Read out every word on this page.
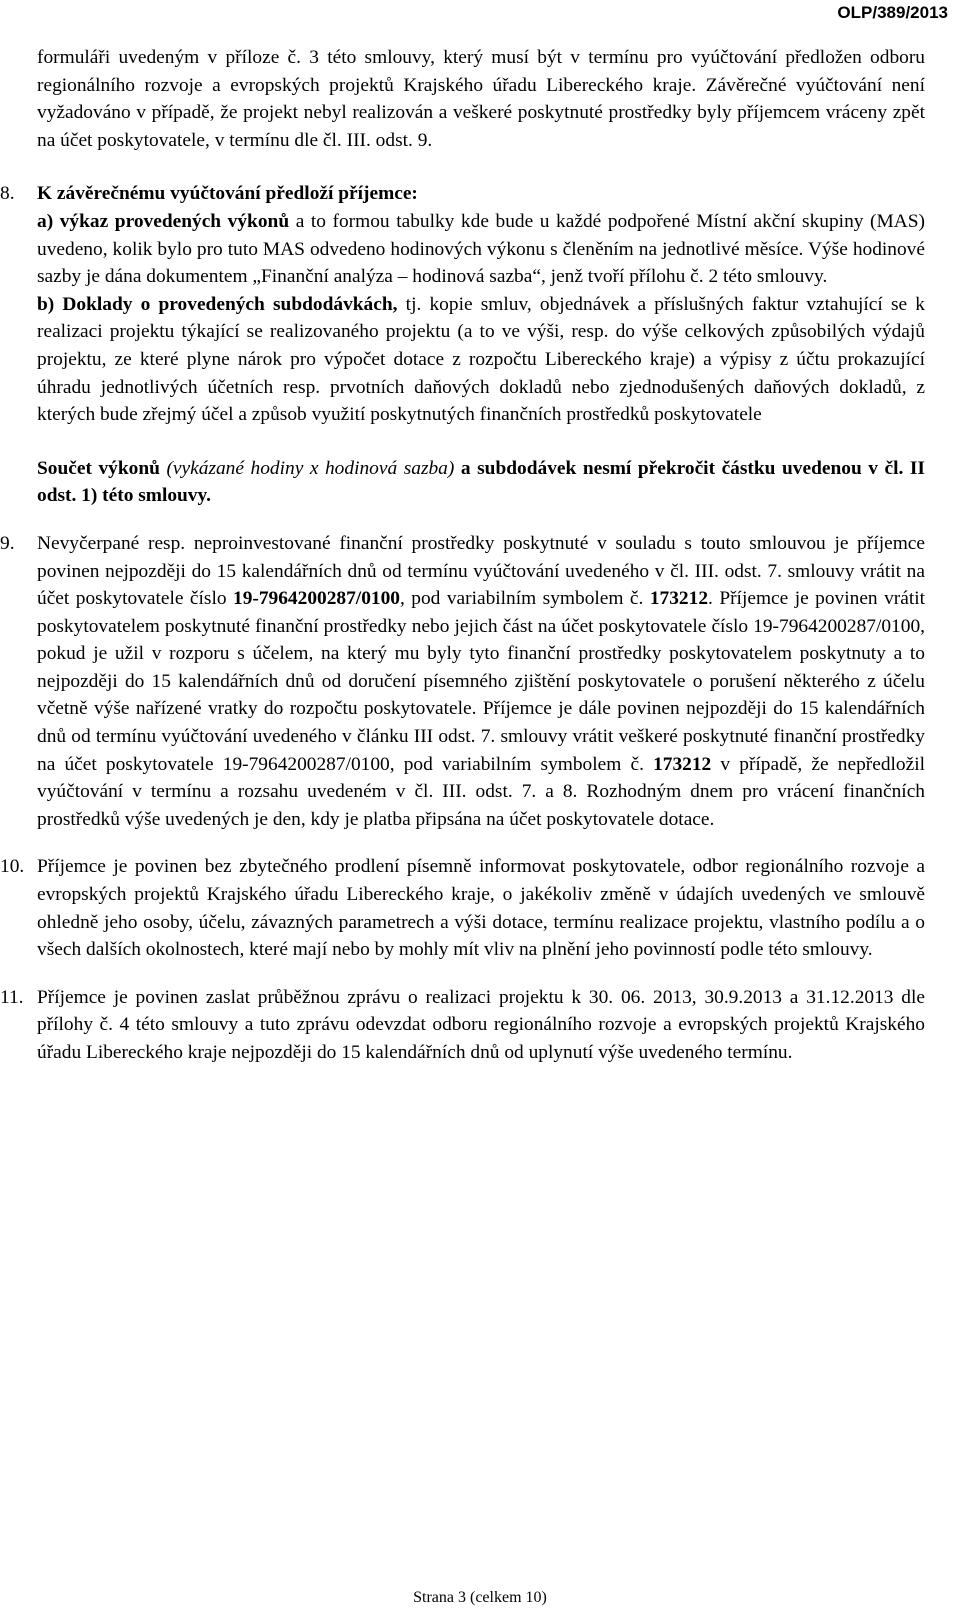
OLP/389/2013

formuláři uvedeným v příloze č. 3 této smlouvy, který musí být v termínu pro vyúčtování předložen odboru regionálního rozvoje a evropských projektů Krajského úřadu Libereckého kraje. Závěrečné vyúčtování není vyžadováno v případě, že projekt nebyl realizován a veškeré poskytnuté prostředky byly příjemcem vráceny zpět na účet poskytovatele, v termínu dle čl. III. odst. 9.

8.	K závěrečnému vyúčtování předloží příjemce:

a) výkaz provedených výkonů a to formou tabulky kde bude u každé podpořené Místní akční skupiny (MAS) uvedeno, kolik bylo pro tuto MAS odvedeno hodinových výkonu s členěním na jednotlivé měsíce. Výše hodinové sazby je dána dokumentem „Finanční analýza – hodinová sazba“, jenž tvoří přílohu č. 2 této smlouvy.

b) Doklady o provedených subdodávkách, tj. kopie smluv, objednávek a příslušných faktur vztahující se k realizaci projektu týkající se realizovaného projektu (a to ve výši, resp. do výše celkových způsobilých výdajů projektu, ze které plyne nárok pro výpočet dotace z rozpočtu Libereckého kraje) a výpisy z účtu prokazující úhradu jednotlivých účetních resp. prvotních daňových dokladů nebo zjednodušených daňových dokladů, z kterých bude zřejmý účel a způsob využití poskytnutých finančních prostředků poskytovatele

Součet výkonů (vykázané hodiny x hodinová sazba) a subdodávek nesmí překročit částku uvedenou v čl. II odst. 1) této smlouvy.

9.	Nevyčerpané resp. neproinvestované finanční prostředky poskytnuté v souladu s touto smlouvou je příjemce povinen nejpozději do 15 kalendářních dnů od termínu vyúčtování uvedeného v čl. III. odst. 7. smlouvy vrátit na účet poskytovatele číslo 19-7964200287/0100, pod variabilním symbolem č. 173212. Příjemce je povinen vrátit poskytovatelem poskytnuté finanční prostředky nebo jejich část na účet poskytovatele číslo 19-7964200287/0100, pokud je užil v rozporu s účelem, na který mu byly tyto finanční prostředky poskytovatelem poskytnuty a to nejpozději do 15 kalendářních dnů od doručení písemného zjištění poskytovatele o porušení některého z účelu včetně výše nařízené vratky do rozpočtu poskytovatele. Příjemce je dále povinen nejpozději do 15 kalendářních dnů od termínu vyúčtování uvedeného v článku III odst. 7. smlouvy vrátit veškeré poskytnuté finanční prostředky na účet poskytovatele 19-7964200287/0100, pod variabilním symbolem č. 173212 v případě, že nepředložil vyúčtování v termínu a rozsahu uvedeném v čl. III. odst. 7. a 8. Rozhodným dnem pro vrácení finančních prostředků výše uvedených je den, kdy je platba připsána na účet poskytovatele dotace.

10. Příjemce je povinen bez zbytečného prodlení písemně informovat poskytovatele, odbor regionálního rozvoje a evropských projektů Krajského úřadu Libereckého kraje, o jakékoliv změně v údajích uvedených ve smlouvě ohledně jeho osoby, účelu, závazných parametrech a výši dotace, termínu realizace projektu, vlastního podílu a o všech dalších okolnostech, které mají nebo by mohly mít vliv na plnění jeho povinností podle této smlouvy.

11. Příjemce je povinen zaslat průběžnou zprávu o realizaci projektu k 30. 06. 2013, 30.9.2013 a 31.12.2013 dle přílohy č. 4 této smlouvy a tuto zprávu odevzdat odboru regionálního rozvoje a evropských projektů Krajského úřadu Libereckého kraje nejpozději do 15 kalendářních dnů od uplynutí výše uvedeného termínu.

Strana 3 (celkem 10)
